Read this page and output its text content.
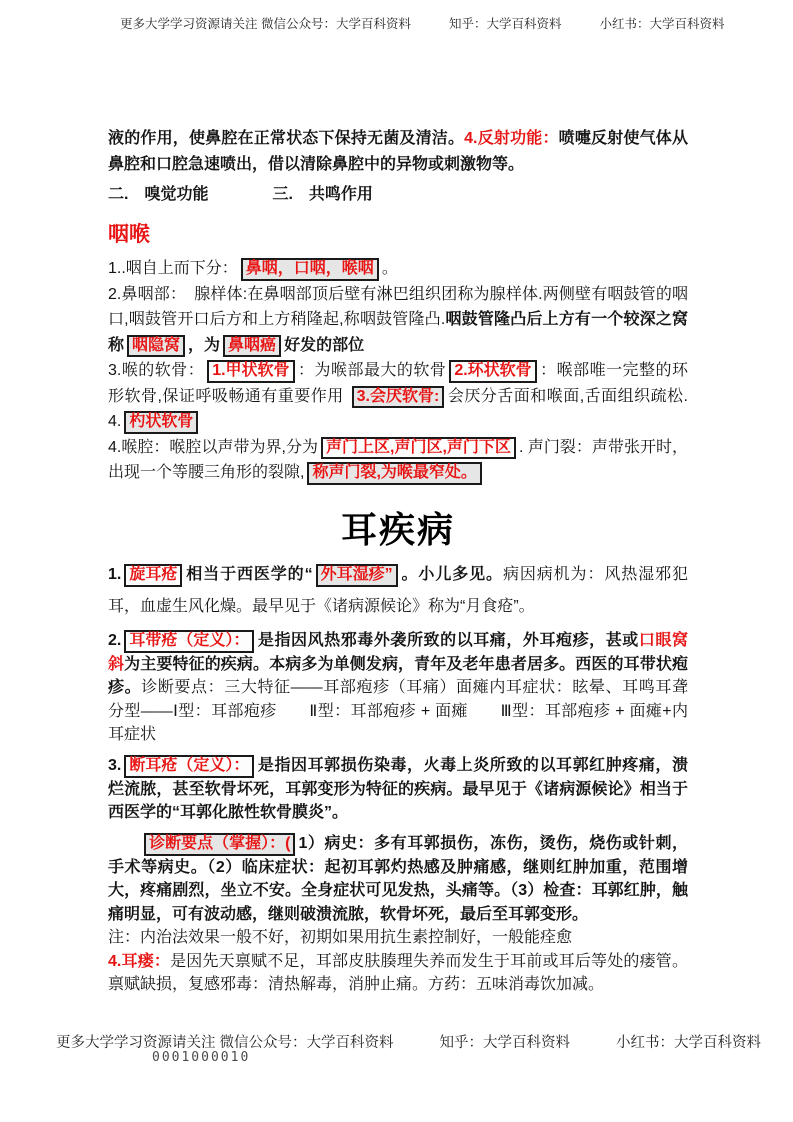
更多大学学习资源请关注 微信公众号：大学百科资料	知乎：大学百科资料	小红书：大学百科资料
液的作用，使鼻腔在正常状态下保持无菌及清洁。4.反射功能：喷嚏反射使气体从鼻腔和口腔急速喷出，借以清除鼻腔中的异物或刺激物等。
二.　嗅觉功能　　　　三.　共鸣作用
咽喉
1..咽自上而下分： 鼻咽，口咽，喉咽 。
2.鼻咽部：　腺样体:在鼻咽部顶后壁有淋巴组织团称为腺样体.两侧壁有咽鼓管的咽口,咽鼓管开口后方和上方稍隆起,称咽鼓管隆凸.咽鼓管隆凸后上方有一个较深之窝称 咽隐窝 ，为 鼻咽癌 好发的部位
3.喉的软骨： 1.甲状软骨 ：为喉部最大的软骨 2.环状软骨 ：喉部唯一完整的环形软骨,保证呼吸畅通有重要作用 3.会厌软骨: 会厌分舌面和喉面,舌面组织疏松. 4. 杓状软骨
4.喉腔：喉腔以声带为界,分为 声门上区,声门区,声门下区 . 声门裂：声带张开时，出现一个等腰三角形的裂隙, 称声门裂,为喉最窄处。
耳疾病
1. 旋耳疮 相当于西医学的“ 外耳湿疹” 。小儿多见。病因病机为：风热湿邪犯耳，血虚生风化燥。最早见于《诸病源候论》称为“月食疮”。
2. 耳带疮（定义）： 是指因风热邪毒外袭所致的以耳痛，外耳疱疹，甚或口眼窝斜为主要特征的疾病。本病多为单侧发病，青年及老年患者居多。西医的耳带状疱疹。诊断要点：三大特征——耳部疱疹（耳痛）面瘫内耳症状：眩晕、耳鸣耳聋　分型——Ⅰ型：耳部疱疹　　Ⅱ型：耳部疱疹 + 面瘫　　Ⅲ型：耳部疱疹 + 面瘫+内耳症状
3. 断耳疮（定义）： 是指因耳郭损伤染毒，火毒上炎所致的以耳郭红肿疼痛，溃烂流脓，甚至软骨坏死，耳郭变形为特征的疾病。最早见于《诸病源候论》相当于西医学的“耳郭化脓性软骨膜炎”。
　　诊断要点（掌握）：( 1）病史：多有耳郭损伤，冻伤，烫伤，烧伤或针刺，手术等病史。（2）临床症状：起初耳郭灼热感及肿痛感，继则红肿加重，范围增大，疼痛剧烈，坐立不安。全身症状可见发热，头痛等。（3）检查：耳郭红肿，触痛明显，可有波动感，继则破溃流脓，软骨坏死，最后至耳郭变形。
注：内治法效果一般不好，初期如果用抗生素控制好，一般能痊愈
4.耳瘘：是因先天禀赋不足，耳部皮肤腠理失养而发生于耳前或耳后等处的瘘管。禀赋缺损，复感邪毒：清热解毒，消肿止痛。方药：五味消毒饮加减。
更多大学学习资源请关注 微信公众号：大学百科资料	知乎：大学百科资料	小红书：大学百科资料
0001000010
